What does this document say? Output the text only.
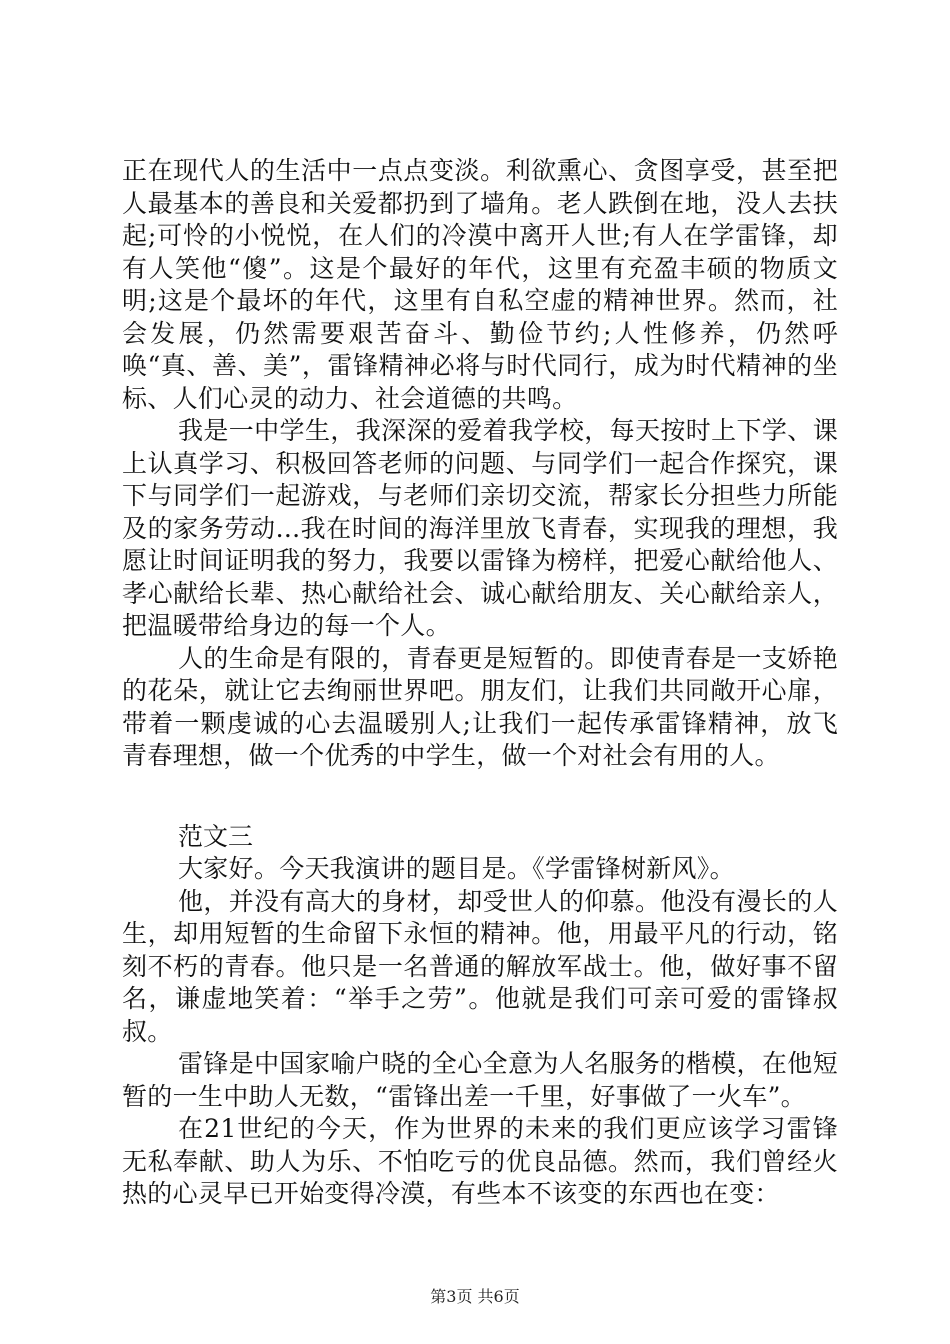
正在现代人的生活中一点点变淡。利欲熏心、贪图享受，甚至把人最基本的善良和关爱都扔到了墙角。老人跌倒在地，没人去扶起;可怜的小悦悦，在人们的冷漠中离开人世;有人在学雷锋，却有人笑他“傻”。这是个最好的年代，这里有充盈丰硕的物质文明;这是个最坏的年代，这里有自私空虚的精神世界。然而，社会发展，仍然需要艰苦奋斗、勤俭节约;人性修养，仍然呼唤“真、善、美”，雷锋精神必将与时代同行，成为时代精神的坐标、人们心灵的动力、社会道德的共鸣。

我是一中学生，我深深的爱着我学校，每天按时上下学、课上认真学习、积极回答老师的问题、与同学们一起合作探究，课下与同学们一起游戏，与老师们亲切交流，帮家长分担些力所能及的家务劳动...我在时间的海洋里放飞青春，实现我的理想，我愿让时间证明我的努力，我要以雷锋为榜样，把爱心献给他人、孝心献给长辈、热心献给社会、诚心献给朋友、关心献给亲人，把温暖带给身边的每一个人。

人的生命是有限的，青春更是短暂的。即使青春是一支娇艳的花朵，就让它去绚丽世界吧。朋友们，让我们共同敞开心扉，带着一颗虔诚的心去温暖别人;让我们一起传承雷锋精神，放飞青春理想，做一个优秀的中学生，做一个对社会有用的人。

范文三

大家好。今天我演讲的题目是。《学雷锋树新风》。

他，并没有高大的身材，却受世人的仰慕。他没有漫长的人生，却用短暂的生命留下永恒的精神。他，用最平凡的行动，铭刻不朽的青春。他只是一名普通的解放军战士。他，做好事不留名，谦虚地笑着：“举手之劳”。他就是我们可亲可爱的雷锋叔叔。

雷锋是中国家喻户晓的全心全意为人名服务的楷模，在他短暂的一生中助人无数，“雷锋出差一千里，好事做了一火车”。

在21世纪的今天，作为世界的未来的我们更应该学习雷锋无私奉献、助人为乐、不怕吃亏的优良品德。然而，我们曾经火热的心灵早已开始变得冷漠，有些本不该变的东西也在变：

第3页 共6页
